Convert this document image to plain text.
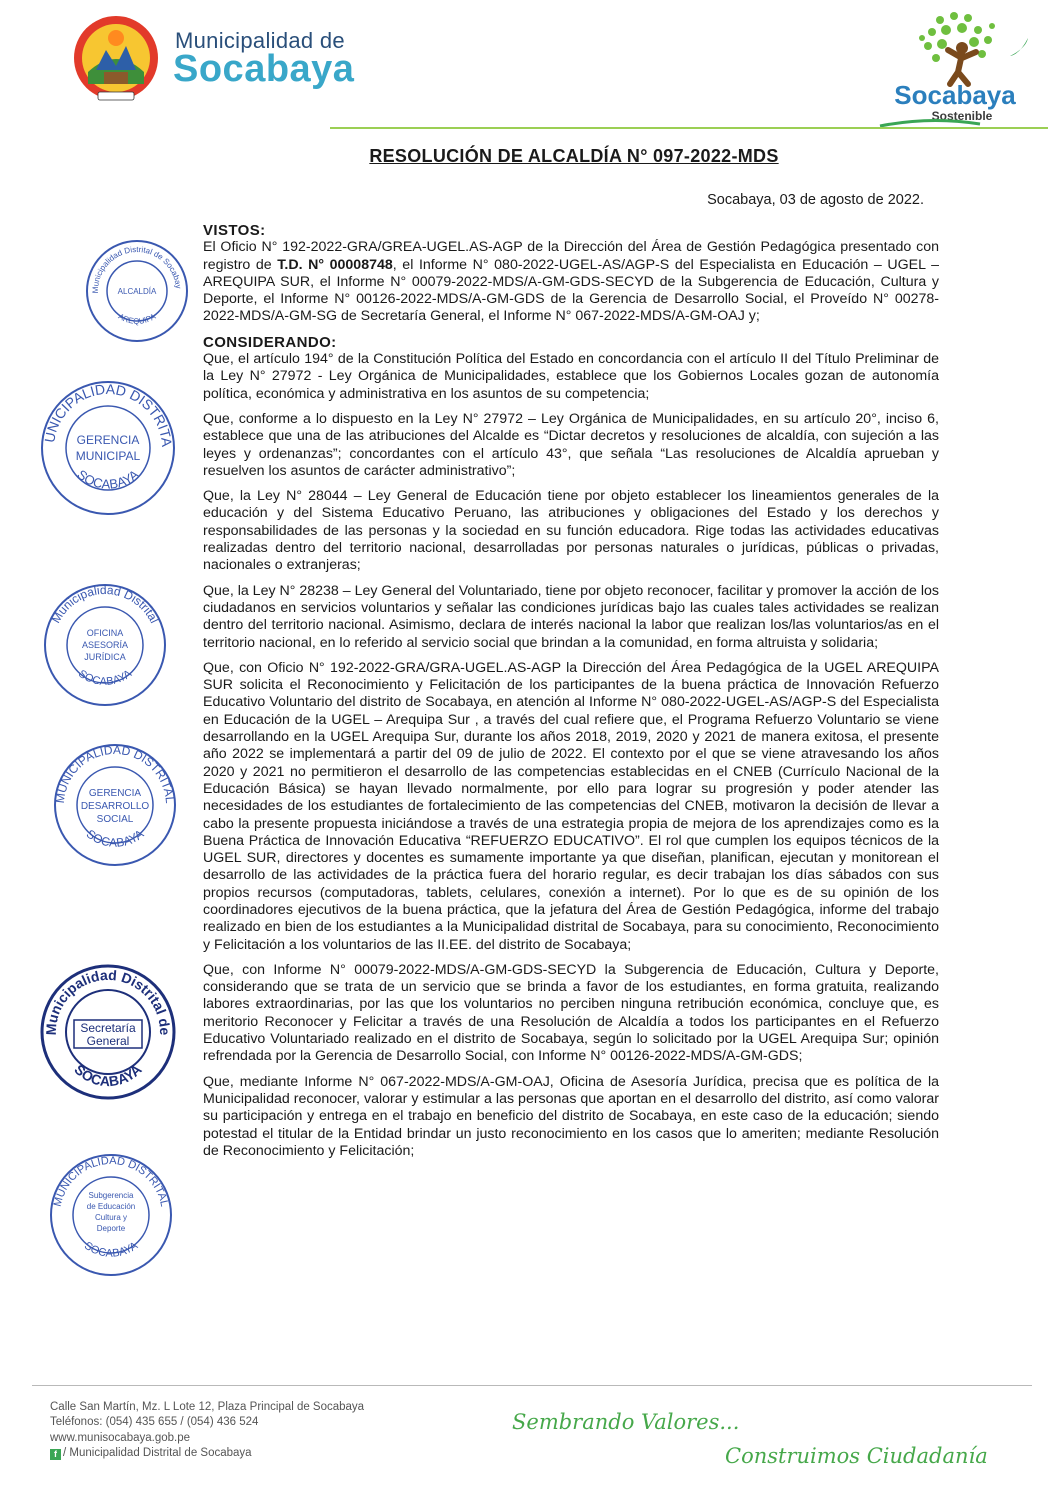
Municipalidad de
Socabaya
Socabaya
Sostenible
RESOLUCIÓN DE ALCALDÍA N° 097-2022-MDS
Socabaya, 03 de agosto de 2022.
VISTOS:

El Oficio N° 192-2022-GRA/GREA-UGEL.AS-AGP de la Dirección del Área de Gestión Pedagógica presentado con registro de T.D. N° 00008748, el Informe N° 080-2022-UGEL-AS/AGP-S del Especialista en Educación – UGEL – AREQUIPA SUR, el Informe N° 00079-2022-MDS/A-GM-GDS-SECYD de la Subgerencia de Educación, Cultura y Deporte, el Informe N° 00126-2022-MDS/A-GM-GDS de la Gerencia de Desarrollo Social, el Proveído N° 00278-2022-MDS/A-GM-SG de Secretaría General, el Informe N° 067-2022-MDS/A-GM-OAJ y;

CONSIDERANDO:

Que, el artículo 194° de la Constitución Política del Estado en concordancia con el artículo II del Título Preliminar de la Ley N° 27972 - Ley Orgánica de Municipalidades, establece que los Gobiernos Locales gozan de autonomía política, económica y administrativa en los asuntos de su competencia;

Que, conforme a lo dispuesto en la Ley N° 27972 – Ley Orgánica de Municipalidades, en su artículo 20°, inciso 6, establece que una de las atribuciones del Alcalde es “Dictar decretos y resoluciones de alcaldía, con sujeción a las leyes y ordenanzas”; concordantes con el artículo 43°, que señala “Las resoluciones de Alcaldía aprueban y resuelven los asuntos de carácter administrativo”;

Que, la Ley N° 28044 – Ley General de Educación tiene por objeto establecer los lineamientos generales de la educación y del Sistema Educativo Peruano, las atribuciones y obligaciones del Estado y los derechos y responsabilidades de las personas y la sociedad en su función educadora. Rige todas las actividades educativas realizadas dentro del territorio nacional, desarrolladas por personas naturales o jurídicas, públicas o privadas, nacionales o extranjeras;

Que, la Ley N° 28238 – Ley General del Voluntariado, tiene por objeto reconocer, facilitar y promover la acción de los ciudadanos en servicios voluntarios y señalar las condiciones jurídicas bajo las cuales tales actividades se realizan dentro del territorio nacional. Asimismo, declara de interés nacional la labor que realizan los/las voluntarios/as en el territorio nacional, en lo referido al servicio social que brindan a la comunidad, en forma altruista y solidaria;

Que, con Oficio N° 192-2022-GRA/GRA-UGEL.AS-AGP la Dirección del Área Pedagógica de la UGEL AREQUIPA SUR solicita el Reconocimiento y Felicitación de los participantes de la buena práctica de Innovación Refuerzo Educativo Voluntario del distrito de Socabaya, en atención al Informe N° 080-2022-UGEL-AS/AGP-S del Especialista en Educación de la UGEL – Arequipa Sur , a través del cual refiere que, el Programa Refuerzo Voluntario se viene desarrollando en la UGEL Arequipa Sur, durante los años 2018, 2019, 2020 y 2021 de manera exitosa, el presente año 2022 se implementará a partir del 09 de julio de 2022. El contexto por el que se viene atravesando los años 2020 y 2021 no permitieron el desarrollo de las competencias establecidas en el CNEB (Currículo Nacional de la Educación Básica) se hayan llevado normalmente, por ello para lograr su progresión y poder atender las necesidades de los estudiantes de fortalecimiento de las competencias del CNEB, motivaron la decisión de llevar a cabo la presente propuesta iniciándose a través de una estrategia propia de mejora de los aprendizajes como es la Buena Práctica de Innovación Educativa “REFUERZO EDUCATIVO”. El rol que cumplen los equipos técnicos de la UGEL SUR, directores y docentes es sumamente importante ya que diseñan, planifican, ejecutan y monitorean el desarrollo de las actividades de la práctica fuera del horario regular, es decir trabajan los días sábados con sus propios recursos (computadoras, tablets, celulares, conexión a internet). Por lo que es de su opinión de los coordinadores ejecutivos de la buena práctica, que la jefatura del Área de Gestión Pedagógica, informe del trabajo realizado en bien de los estudiantes a la Municipalidad distrital de Socabaya, para su conocimiento, Reconocimiento y Felicitación a los voluntarios de las II.EE. del distrito de Socabaya;

Que, con Informe N° 00079-2022-MDS/A-GM-GDS-SECYD la Subgerencia de Educación, Cultura y Deporte, considerando que se trata de un servicio que se brinda a favor de los estudiantes, en forma gratuita, realizando labores extraordinarias, por las que los voluntarios no perciben ninguna retribución económica, concluye que, es meritorio Reconocer y Felicitar a través de una Resolución de Alcaldía a todos los participantes en el Refuerzo Educativo Voluntariado realizado en el distrito de Socabaya, según lo solicitado por la UGEL Arequipa Sur; opinión refrendada por la Gerencia de Desarrollo Social, con Informe N° 00126-2022-MDS/A-GM-GDS;

Que, mediante Informe N° 067-2022-MDS/A-GM-OAJ, Oficina de Asesoría Jurídica, precisa que es política de la Municipalidad reconocer, valorar y estimular a las personas que aportan en el desarrollo del distrito, así como valorar su participación y entrega en el trabajo en beneficio del distrito de Socabaya, en este caso de la educación; siendo potestad el titular de la Entidad brindar un justo reconocimiento en los casos que lo ameriten; mediante Resolución de Reconocimiento y Felicitación;

Municipalidad Distrital de Socabay
ALCALDÍA
AREQUIPA
UNICIPALIDAD DISTRITA
GERENCIA
MUNICIPAL
SOCABAYA
Municipalidad Distrital
OFICINA
ASESORÍA
JURÍDICA
SOCABAYA
MUNICIPALIDAD DISTRITAL
GERENCIA
DESARROLLO
SOCIAL
SOCABAYA
Municipalidad Distrital de
Secretaría
General
SOCABAYA
MUNICIPALIDAD DISTRITAL
Subgerencia
de Educación
Cultura y
Deporte
SOCABAYA
Calle San Martín, Mz. L Lote 12, Plaza Principal de Socabaya
Teléfonos: (054) 435 655 / (054) 436 524
www.munisocabaya.gob.pe
f / Municipalidad Distrital de Socabaya
Sembrando Valores...
Construimos Ciudadanía
